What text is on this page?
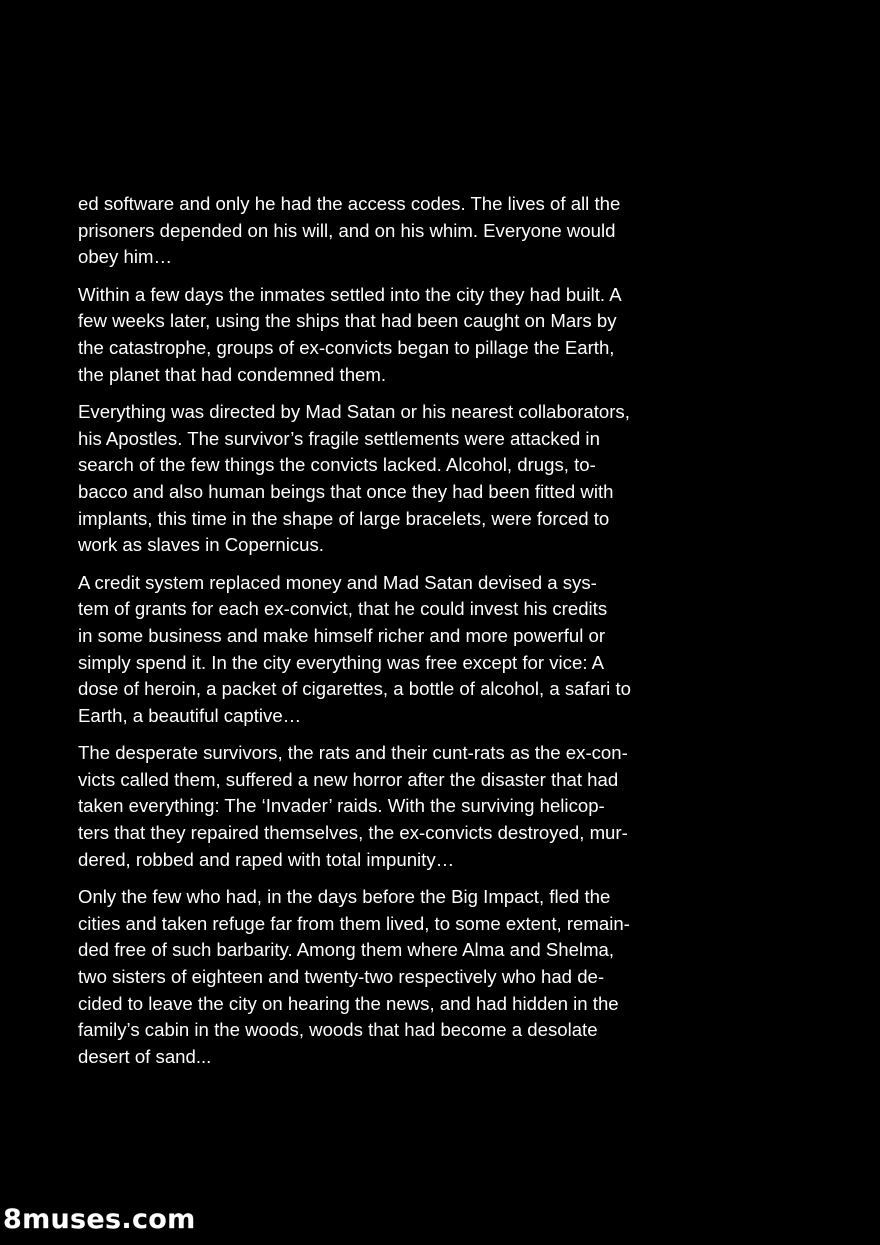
ed software and only he had the access codes. The lives of all the
prisoners depended on his will, and on his whim. Everyone would
obey him…

Within a few days the inmates settled into the city they had built. A
few weeks later, using the ships that had been caught on Mars by
the catastrophe, groups of ex-convicts began to pillage the Earth,
the planet that had condemned them.

Everything was directed by Mad Satan or his nearest collaborators,
his Apostles. The survivor’s fragile settlements were attacked in
search of the few things the convicts lacked. Alcohol, drugs, to-
bacco and also human beings that once they had been fitted with
implants, this time in the shape of large bracelets, were forced to
work as slaves in Copernicus.

A credit system replaced money and Mad Satan devised a sys-
tem of grants for each ex-convict, that he could invest his credits
in some business and make himself richer and more powerful or
simply spend it. In the city everything was free except for vice: A
dose of heroin, a packet of cigarettes, a bottle of alcohol, a safari to
Earth, a beautiful captive…

The desperate survivors, the rats and their cunt-rats as the ex-con-
victs called them, suffered a new horror after the disaster that had
taken everything: The ‘Invader’ raids. With the surviving helicop-
ters that they repaired themselves, the ex-convicts destroyed, mur-
dered, robbed and raped with total impunity…

Only the few who had, in the days before the Big Impact, fled the
cities and taken refuge far from them lived, to some extent, remain-
ded free of such barbarity. Among them where Alma and Shelma,
two sisters of eighteen and twenty-two respectively who had de-
cided to leave the city on hearing the news, and had hidden in the
family’s cabin in the woods, woods that had become a desolate
desert of sand...

8muses.com
